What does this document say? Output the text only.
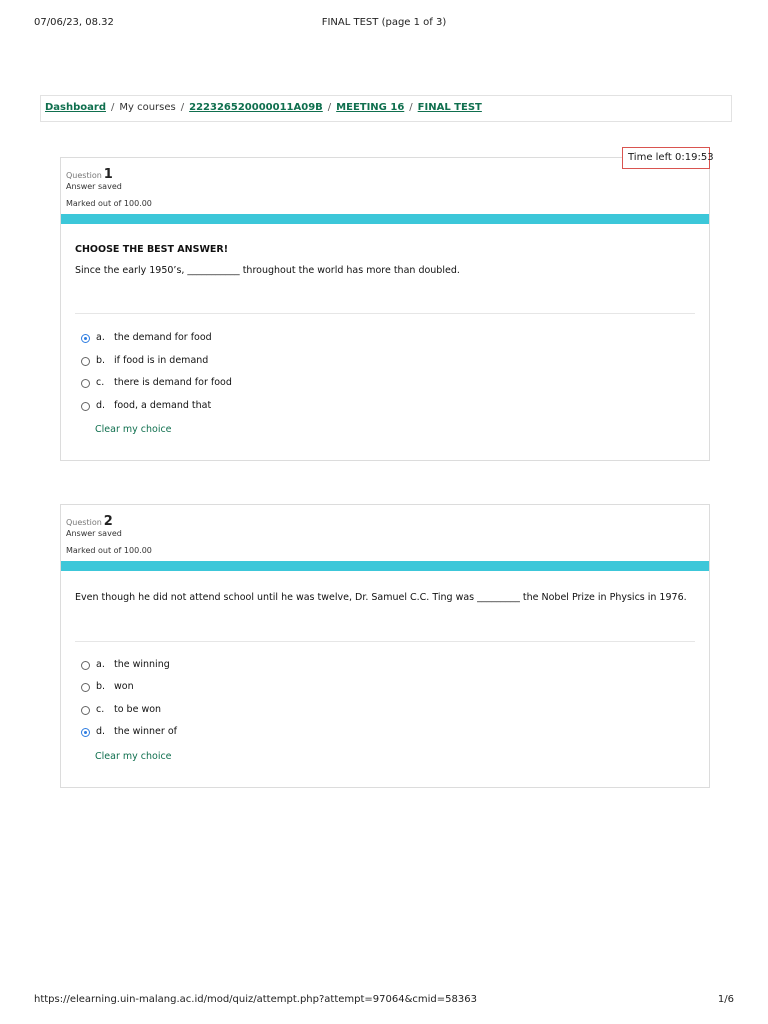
07/06/23, 08.32	FINAL TEST (page 1 of 3)
Dashboard / My courses / 222326520000011A09B / MEETING 16 / FINAL TEST
Question 1
Answer saved
Marked out of 100.00
CHOOSE THE BEST ANSWER!
Since the early 1950’s, ___________ throughout the world has more than doubled.
a. the demand for food
b. if food is in demand
c. there is demand for food
d. food, a demand that
Clear my choice
Time left 0:19:53
Question 2
Answer saved
Marked out of 100.00
Even though he did not attend school until he was twelve, Dr. Samuel C.C. Ting was _________ the Nobel Prize in Physics in 1976.
a. the winning
b. won
c. to be won
d. the winner of
Clear my choice
https://elearning.uin-malang.ac.id/mod/quiz/attempt.php?attempt=97064&cmid=58363	1/6
